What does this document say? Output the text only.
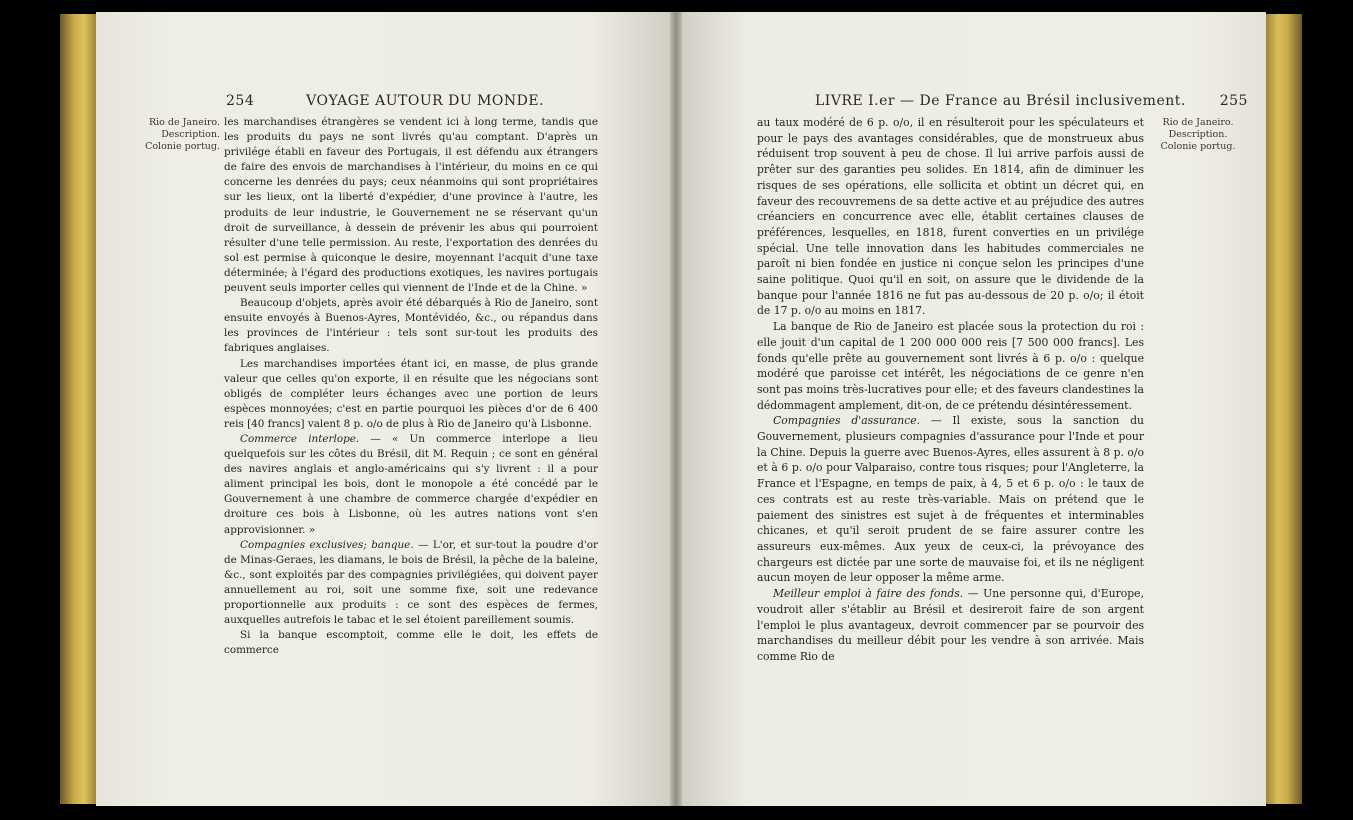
254	VOYAGE AUTOUR DU MONDE.
Rio de Janeiro.
Description.
Colonie portug.

les marchandises étrangères se vendent ici à long terme, tandis que les produits du pays ne sont livrés qu'au comptant. D'après un privilége établi en faveur des Portugais, il est défendu aux étrangers de faire des envois de marchandises à l'intérieur, du moins en ce qui concerne les denrées du pays; ceux néanmoins qui sont propriétaires sur les lieux, ont la liberté d'expédier, d'une province à l'autre, les produits de leur industrie, le Gouvernement ne se réservant qu'un droit de surveillance, à dessein de prévenir les abus qui pourroient résulter d'une telle permission. Au reste, l'exportation des denrées du sol est permise à quiconque le desire, moyennant l'acquit d'une taxe déterminée; à l'égard des productions exotiques, les navires portugais peuvent seuls importer celles qui viennent de l'Inde et de la Chine. »

Beaucoup d'objets, après avoir été débarqués à Rio de Janeiro, sont ensuite envoyés à Buenos-Ayres, Montévidéo, &c., ou répandus dans les provinces de l'intérieur : tels sont sur-tout les produits des fabriques anglaises.

Les marchandises importées étant ici, en masse, de plus grande valeur que celles qu'on exporte, il en résulte que les négocians sont obligés de compléter leurs échanges avec une portion de leurs espèces monnoyées; c'est en partie pourquoi les pièces d'or de 6 400 reis [40 francs] valent 8 p. o/o de plus à Rio de Janeiro qu'à Lisbonne.

Commerce interlope. — « Un commerce interlope a lieu quelquefois sur les côtes du Brésil, dit M. Requin ; ce sont en général des navires anglais et anglo-américains qui s'y livrent : il a pour aliment principal les bois, dont le monopole a été concédé par le Gouvernement à une chambre de commerce chargée d'expédier en droiture ces bois à Lisbonne, où les autres nations vont s'en approvisionner. »

Compagnies exclusives; banque. — L'or, et sur-tout la poudre d'or de Minas-Geraes, les diamans, le bois de Brésil, la pêche de la baleine, &c., sont exploités par des compagnies privilégiées, qui doivent payer annuellement au roi, soit une somme fixe, soit une redevance proportionnelle aux produits : ce sont des espèces de fermes, auxquelles autrefois le tabac et le sel étoient pareillement soumis.

Si la banque escomptoit, comme elle le doit, les effets de commerce

LIVRE I.er — De France au Brésil inclusivement. 255
Rio de Janeiro.
Description.
Colonie portug.

au taux modéré de 6 p. o/o, il en résulteroit pour les spéculateurs et pour le pays des avantages considérables, que de monstrueux abus réduisent trop souvent à peu de chose. Il lui arrive parfois aussi de prêter sur des garanties peu solides. En 1814, afin de diminuer les risques de ses opérations, elle sollicita et obtint un décret qui, en faveur des recouvremens de sa dette active et au préjudice des autres créanciers en concurrence avec elle, établit certaines clauses de préférences, lesquelles, en 1818, furent converties en un privilége spécial. Une telle innovation dans les habitudes commerciales ne paroît ni bien fondée en justice ni conçue selon les principes d'une saine politique. Quoi qu'il en soit, on assure que le dividende de la banque pour l'année 1816 ne fut pas au-dessous de 20 p. o/o; il étoit de 17 p. o/o au moins en 1817.

La banque de Rio de Janeiro est placée sous la protection du roi : elle jouit d'un capital de 1 200 000 000 reis [7 500 000 francs]. Les fonds qu'elle prête au gouvernement sont livrés à 6 p. o/o : quelque modéré que paroisse cet intérêt, les négociations de ce genre n'en sont pas moins très-lucratives pour elle; et des faveurs clandestines la dédommagent amplement, dit-on, de ce prétendu désintéressement.

Compagnies d'assurance. — Il existe, sous la sanction du Gouvernement, plusieurs compagnies d'assurance pour l'Inde et pour la Chine. Depuis la guerre avec Buenos-Ayres, elles assurent à 8 p. o/o et à 6 p. o/o pour Valparaiso, contre tous risques; pour l'Angleterre, la France et l'Espagne, en temps de paix, à 4, 5 et 6 p. o/o : le taux de ces contrats est au reste très-variable. Mais on prétend que le paiement des sinistres est sujet à de fréquentes et interminables chicanes, et qu'il seroit prudent de se faire assurer contre les assureurs eux-mêmes. Aux yeux de ceux-ci, la prévoyance des chargeurs est dictée par une sorte de mauvaise foi, et ils ne négligent aucun moyen de leur opposer la même arme.

Meilleur emploi à faire des fonds. — Une personne qui, d'Europe, voudroit aller s'établir au Brésil et desireroit faire de son argent l'emploi le plus avantageux, devroit commencer par se pourvoir des marchandises du meilleur débit pour les vendre à son arrivée. Mais comme Rio de
